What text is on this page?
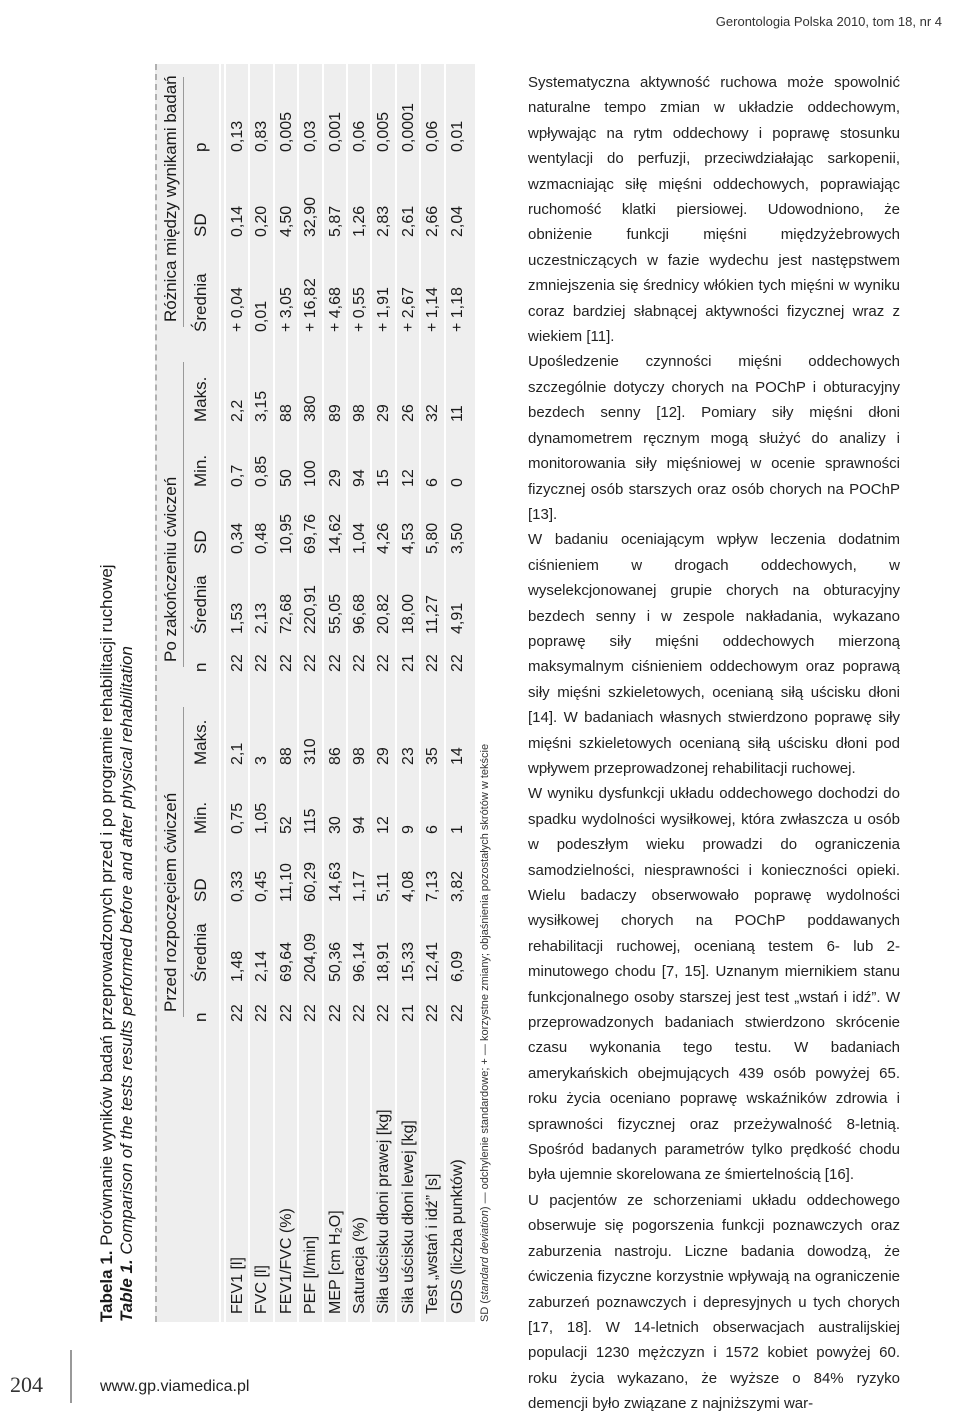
Gerontologia Polska 2010, tom 18, nr 4
Tabela 1. Porównanie wyników badań przeprowadzonych przed i po programie rehabilitacji ruchowej
Table 1. Comparison of the tests results performed before and after physical rehabilitation Przed rozpoczęciem ćwiczeń
Po zakończeniu ćwiczeń
Różnica między wynikami badań
n
Średnia
SD
Min.
Maks.
n
Średnia
SD
Min.
Maks.
Średnia
SD
p
FEV1 [l]
22
1,48
0,33
0,75
2,1
22
1,53
0,34
0,7
2,2
+ 0,04
0,14
0,13
FVC [l]
22
2,14
0,45
1,05
3
22
2,13
0,48
0,85
3,15
0,01
0,20
0,83
FEV1/FVC (%)
22
69,64
11,10
52
88
22
72,68
10,95
50
88
+ 3,05
4,50
0,005
PEF [l/min]
22
204,09
60,29
115
310
22
220,91
69,76
100
380
+ 16,82
32,90
0,03
MEP [cm H₂O]
22
50,36
14,63
30
86
22
55,05
14,62
29
89
+ 4,68
5,87
0,001
Saturacja (%)
22
96,14
1,17
94
98
22
96,68
1,04
94
98
+ 0,55
1,26
0,06
Siła uścisku dłoni prawej [kg]
22
18,91
5,11
12
29
22
20,82
4,26
15
29
+ 1,91
2,83
0,005
Siła uścisku dłoni lewej [kg]
21
15,33
4,08
9
23
21
18,00
4,53
12
26
+ 2,67
2,61
0,0001
Test „wstań i idź” [s]
22
12,41
7,13
6
35
22
11,27
5,80
6
32
+ 1,14
2,66
0,06
GDS (liczba punktów)
22
6,09
3,82
1
14
22
4,91
3,50
0
11
+ 1,18
2,04
0,01
SD (standard deviation) — odchylenie standardowe; + — korzystne zmiany; objaśnienia pozostałych skrótów w tekście

Systematyczna aktywność ruchowa może spowolnić naturalne tempo zmian w układzie oddechowym, wpływając na rytm oddechowy i poprawę stosunku wentylacji do perfuzji, przeciwdziałając sarkopenii, wzmacniając siłę mięśni oddechowych, poprawiając ruchomość klatki piersiowej. Udowodniono, że obniżenie funkcji mięśni międzyżebrowych uczestniczących w fazie wydechu jest następstwem zmniejszenia się średnicy włókien tych mięśni w wyniku coraz bardziej słabnącej aktywności fizycznej wraz z wiekiem [11].

Upośledzenie czynności mięśni oddechowych szczególnie dotyczy chorych na POChP i obturacyjny bezdech senny [12]. Pomiary siły mięśni dłoni dynamometrem ręcznym mogą służyć do analizy i monitorowania siły mięśniowej w ocenie sprawności fizycznej osób starszych oraz osób chorych na POChP [13].

W badaniu oceniającym wpływ leczenia dodatnim ciśnieniem w drogach oddechowych, w wyselekcjonowanej grupie chorych na obturacyjny bezdech senny i w zespole nakładania, wykazano poprawę siły mięśni oddechowych mierzoną maksymalnym ciśnieniem oddechowym oraz poprawą siły mięśni szkieletowych, ocenianą siłą uścisku dłoni [14]. W badaniach własnych stwierdzono poprawę siły mięśni szkieletowych ocenianą siłą uścisku dłoni pod wpływem przeprowadzonej rehabilitacji ruchowej.

W wyniku dysfunkcji układu oddechowego dochodzi do spadku wydolności wysiłkowej, która zwłaszcza u osób w podeszłym wieku prowadzi do ograniczenia samodzielności, niesprawności i konieczności opieki. Wielu badaczy obserwowało poprawę wydolności wysiłkowej chorych na POChP poddawanych rehabilitacji ruchowej, ocenianą testem 6- lub 2-minutowego chodu [7, 15]. Uznanym miernikiem stanu funkcjonalnego osoby starszej jest test „wstań i idź”. W przeprowadzonych badaniach stwierdzono skrócenie czasu wykonania tego testu. W badaniach amerykańskich obejmujących 439 osób powyżej 65. roku życia oceniano poprawę wskaźników zdrowia i sprawności fizycznej oraz przeżywalność 8-letnią. Spośród badanych parametrów tylko prędkość chodu była ujemnie skorelowana ze śmiertelnością [16].

U pacjentów ze schorzeniami układu oddechowego obserwuje się pogorszenia funkcji poznawczych oraz zaburzenia nastroju. Liczne badania dowodzą, że ćwiczenia fizyczne korzystnie wpływają na ograniczenie zaburzeń poznawczych i depresyjnych u tych chorych [17, 18]. W 14-letnich obserwacjach australijskiej populacji 1230 mężczyzn i 1572 kobiet powyżej 60. roku życia wykazano, że wyższe o 84% ryzyko demencji było związane z najniższymi war-

204	www.gp.viamedica.pl
